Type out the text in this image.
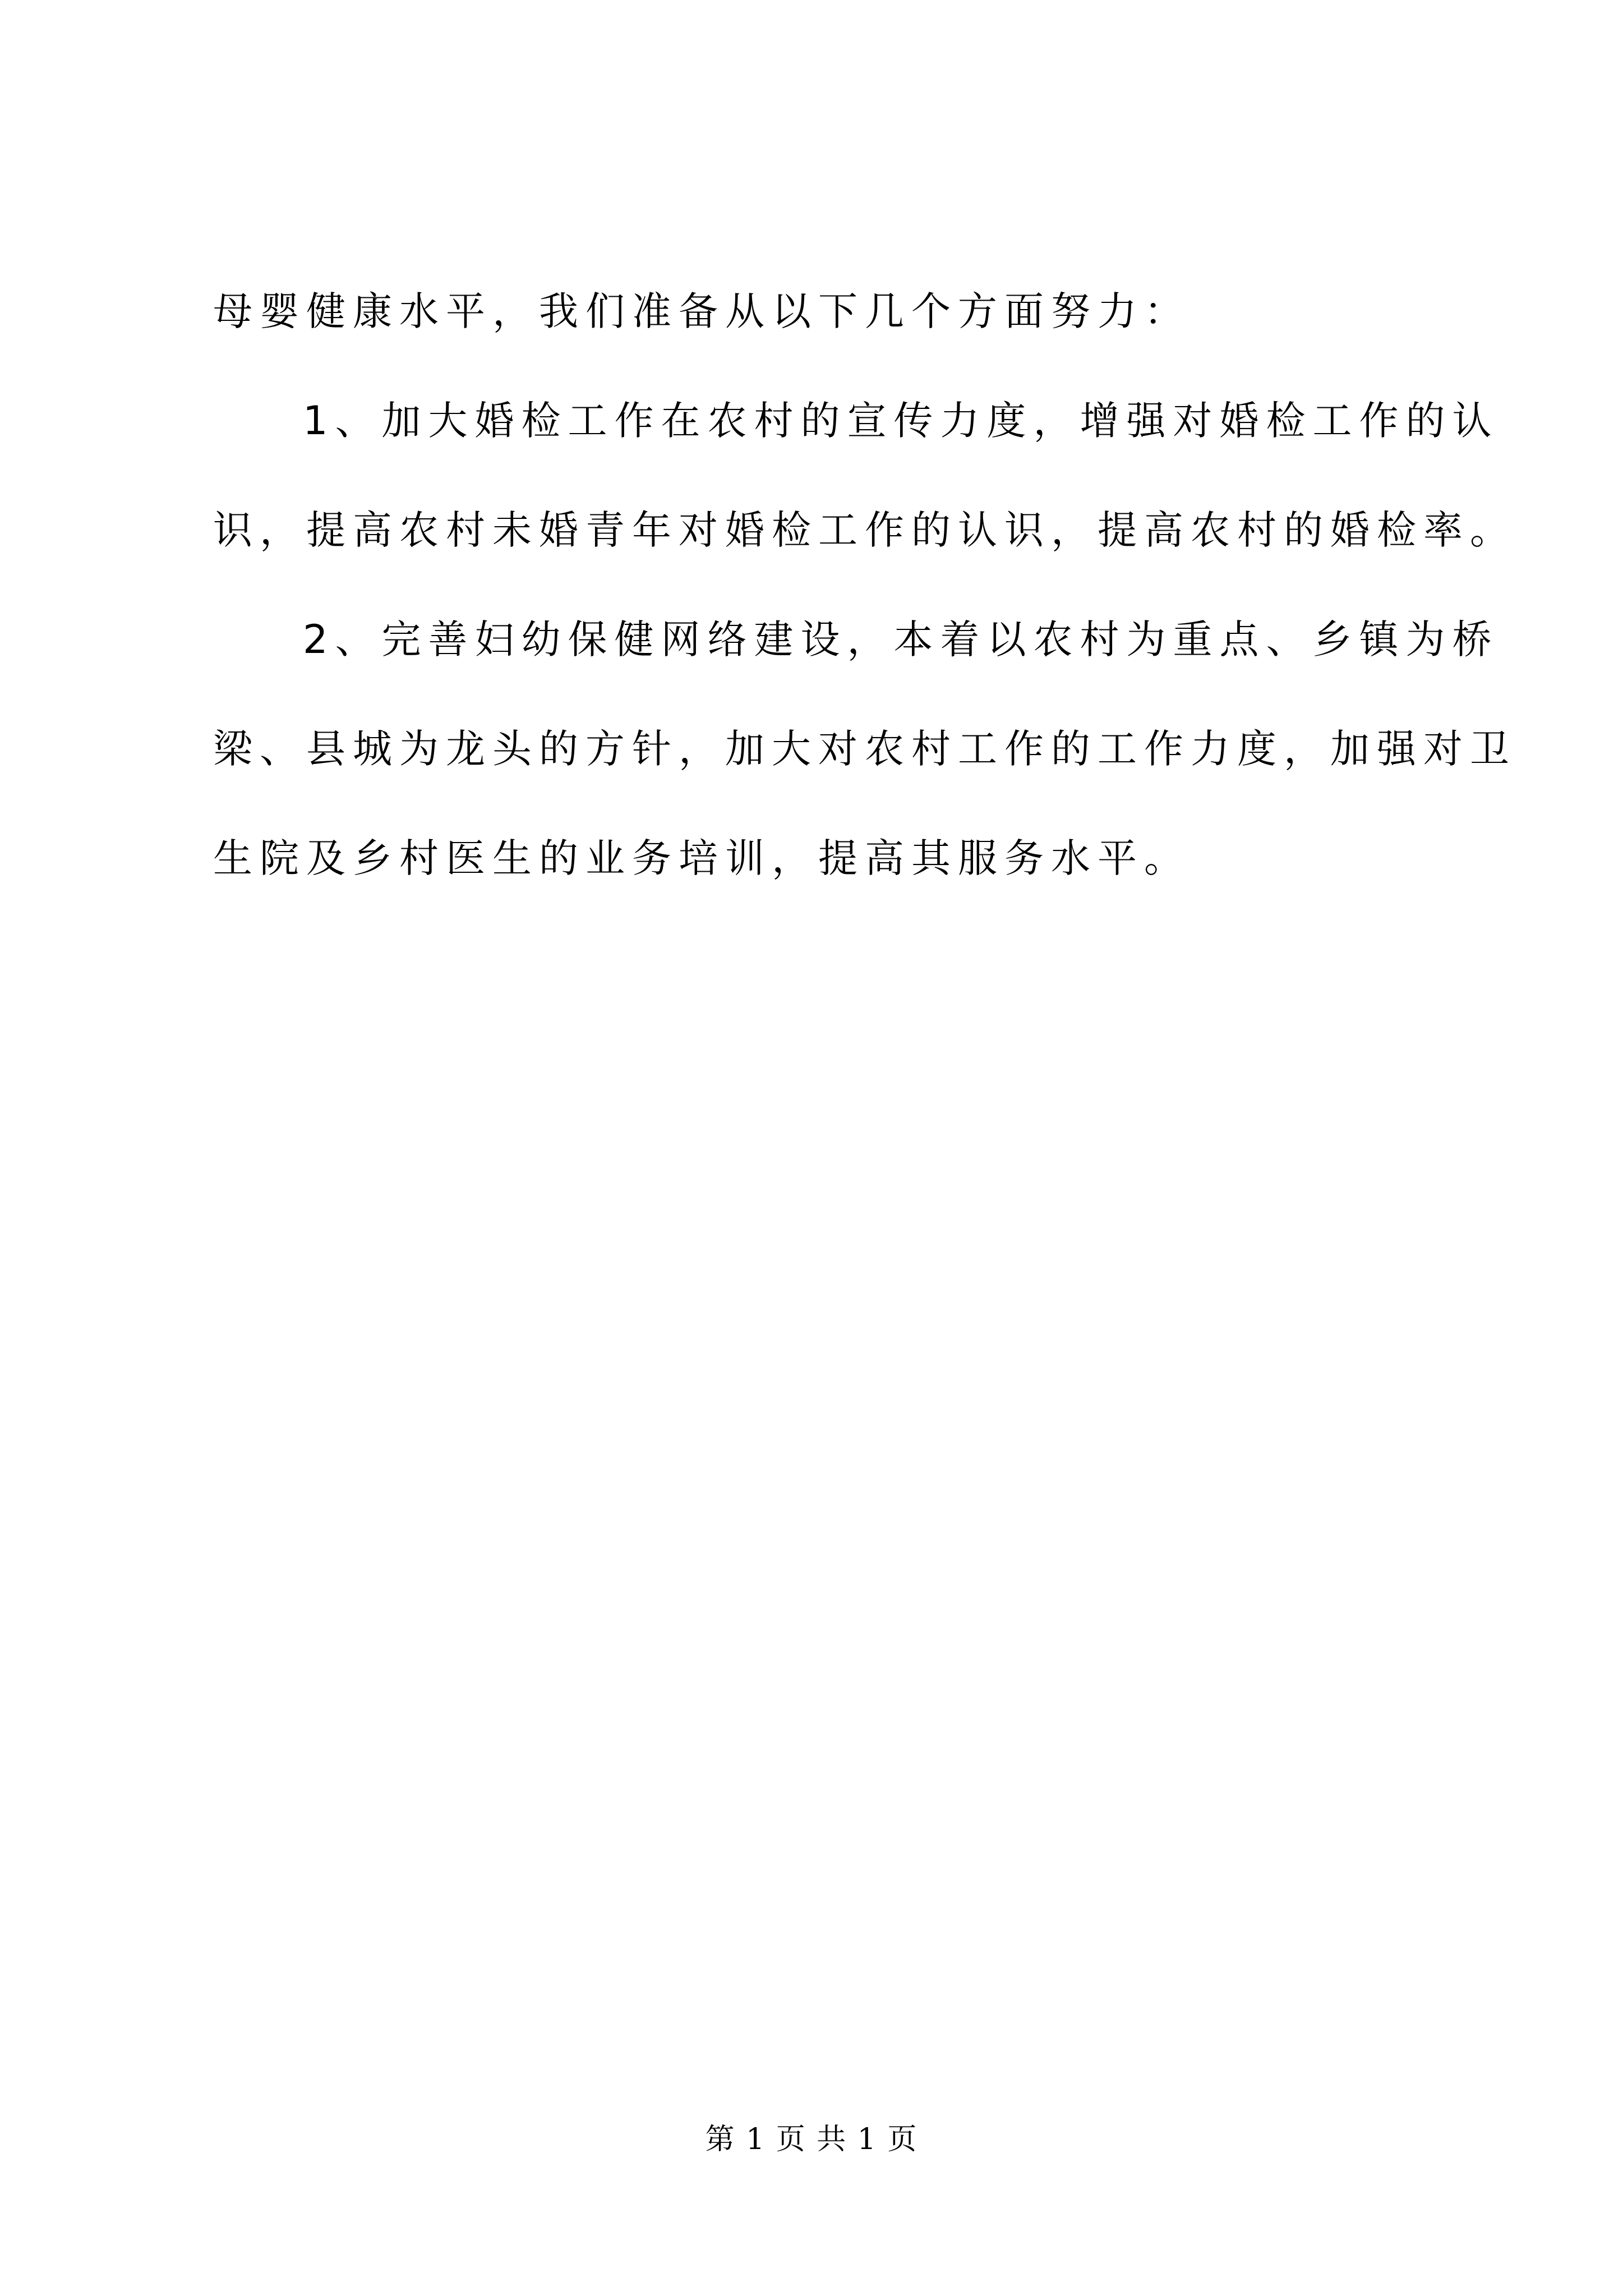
母婴健康水平，我们准备从以下几个方面努力：
1、加大婚检工作在农村的宣传力度，增强对婚检工作的认
识，提高农村未婚青年对婚检工作的认识，提高农村的婚检率。
2、完善妇幼保健网络建设，本着以农村为重点、乡镇为桥
梁、县城为龙头的方针，加大对农村工作的工作力度，加强对卫
生院及乡村医生的业务培训，提高其服务水平。
第 1 页 共 1 页
